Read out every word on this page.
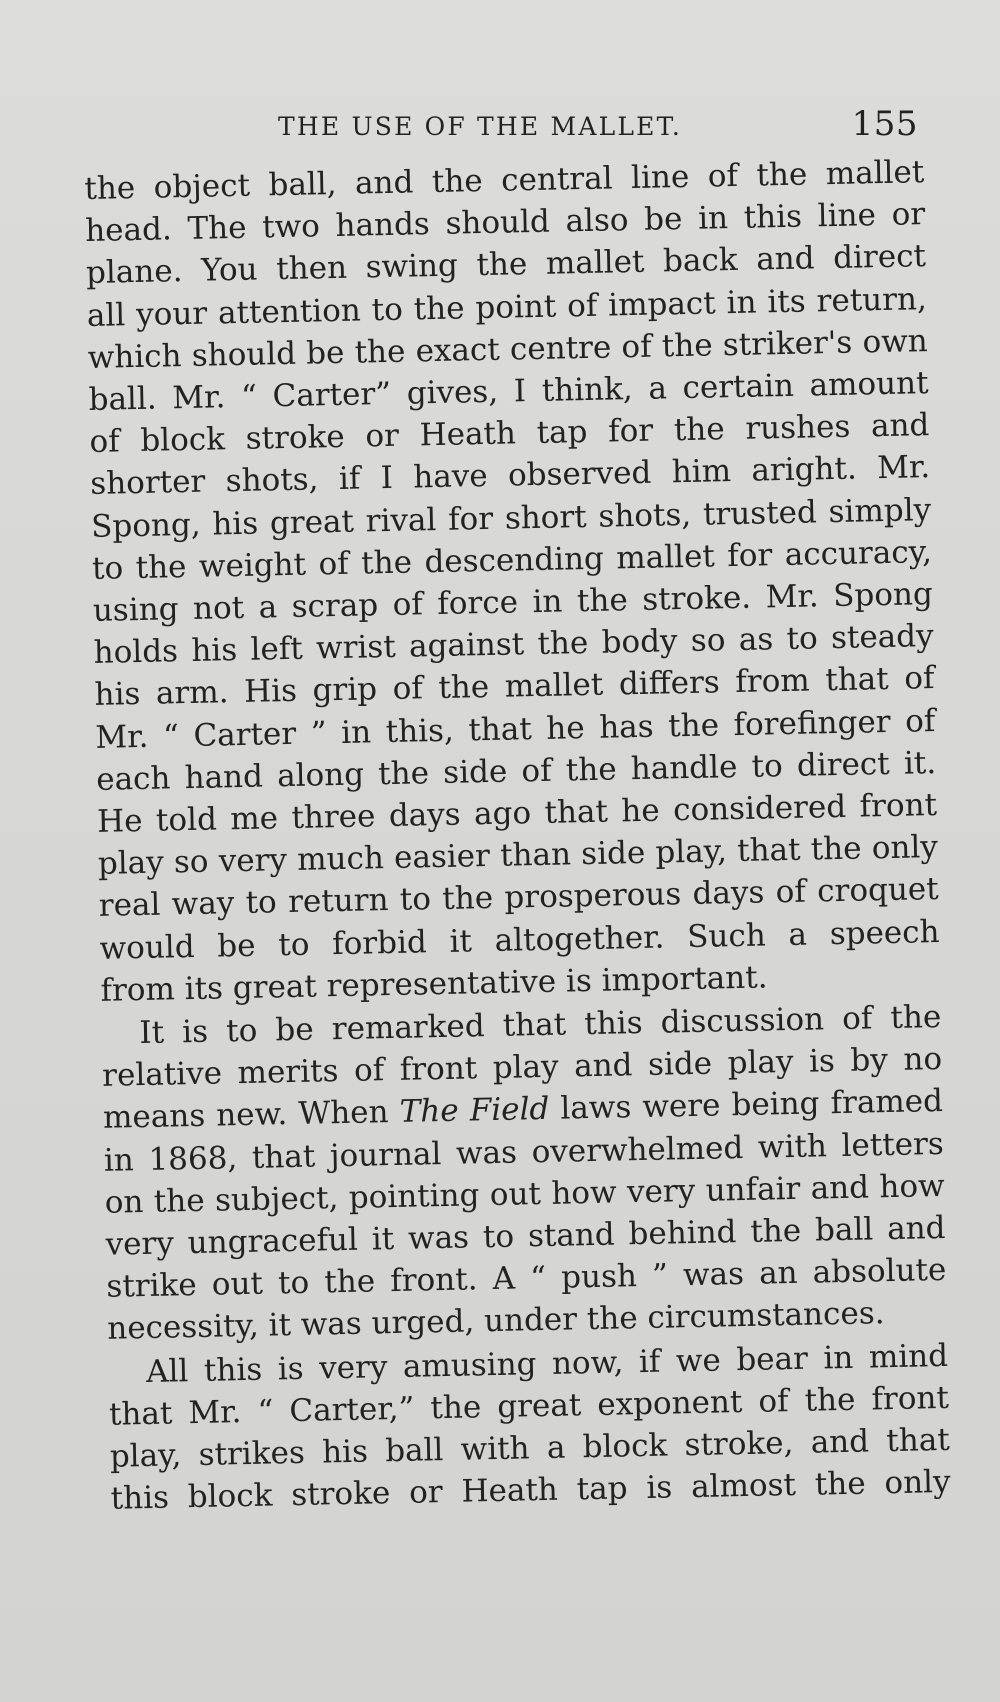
THE USE OF THE MALLET.	155

the object ball, and the central line of the mallet
head. The two hands should also be in this line or
plane. You then swing the mallet back and direct
all your attention to the point of impact in its return,
which should be the exact centre of the striker's own
ball. Mr. “ Carter” gives, I think, a certain amount
of block stroke or Heath tap for the rushes and
shorter shots, if I have observed him aright. Mr.
Spong, his great rival for short shots, trusted simply
to the weight of the descending mallet for accuracy,
using not a scrap of force in the stroke. Mr. Spong
holds his left wrist against the body so as to steady
his arm. His grip of the mallet differs from that of
Mr. “ Carter ” in this, that he has the forefinger of
each hand along the side of the handle to direct it.
He told me three days ago that he considered front
play so very much easier than side play, that the only
real way to return to the prosperous days of croquet
would be to forbid it altogether. Such a speech
from its great representative is important.

It is to be remarked that this discussion of the
relative merits of front play and side play is by no
means new. When The Field laws were being framed
in 1868, that journal was overwhelmed with letters
on the subject, pointing out how very unfair and how
very ungraceful it was to stand behind the ball and
strike out to the front. A “ push ” was an absolute
necessity, it was urged, under the circumstances.

All this is very amusing now, if we bear in mind
that Mr. “ Carter,” the great exponent of the front
play, strikes his ball with a block stroke, and that
this block stroke or Heath tap is almost the only
